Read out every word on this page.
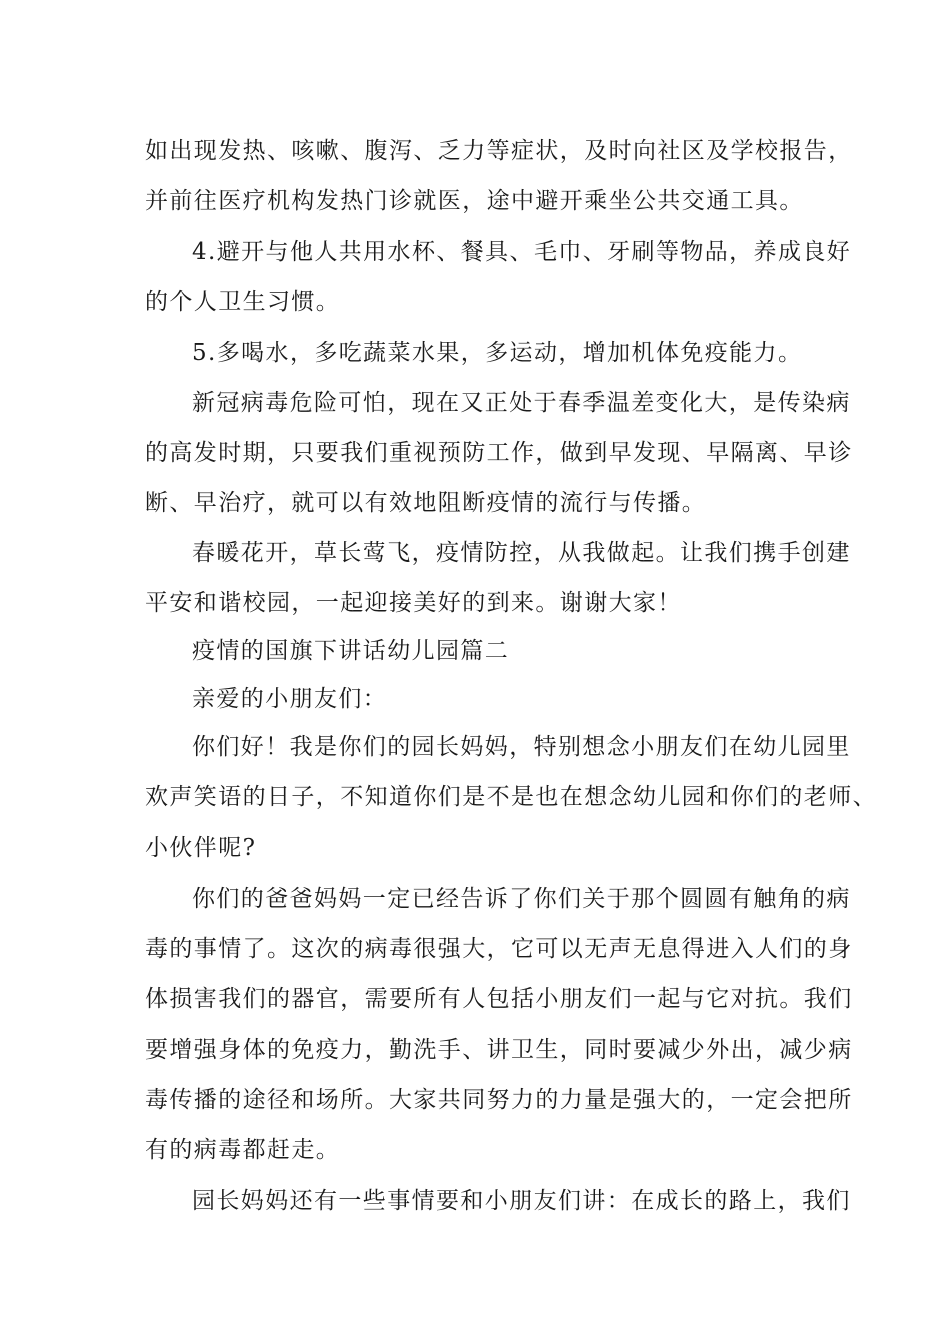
如出现发热、咳嗽、腹泻、乏力等症状，及时向社区及学校报告，
并前往医疗机构发热门诊就医，途中避开乘坐公共交通工具。
4.避开与他人共用水杯、餐具、毛巾、牙刷等物品，养成良好
的个人卫生习惯。
5.多喝水，多吃蔬菜水果，多运动，增加机体免疫能力。
新冠病毒危险可怕，现在又正处于春季温差变化大，是传染病
的高发时期，只要我们重视预防工作，做到早发现、早隔离、早诊
断、早治疗，就可以有效地阻断疫情的流行与传播。
春暖花开，草长莺飞，疫情防控，从我做起。让我们携手创建
平安和谐校园，一起迎接美好的到来。谢谢大家！
疫情的国旗下讲话幼儿园篇二
亲爱的小朋友们：
你们好！我是你们的园长妈妈，特别想念小朋友们在幼儿园里
欢声笑语的日子，不知道你们是不是也在想念幼儿园和你们的老师、
小伙伴呢?
你们的爸爸妈妈一定已经告诉了你们关于那个圆圆有触角的病
毒的事情了。这次的病毒很强大，它可以无声无息得进入人们的身
体损害我们的器官，需要所有人包括小朋友们一起与它对抗。我们
要增强身体的免疫力，勤洗手、讲卫生，同时要减少外出，减少病
毒传播的途径和场所。大家共同努力的力量是强大的，一定会把所
有的病毒都赶走。
园长妈妈还有一些事情要和小朋友们讲：在成长的路上，我们
